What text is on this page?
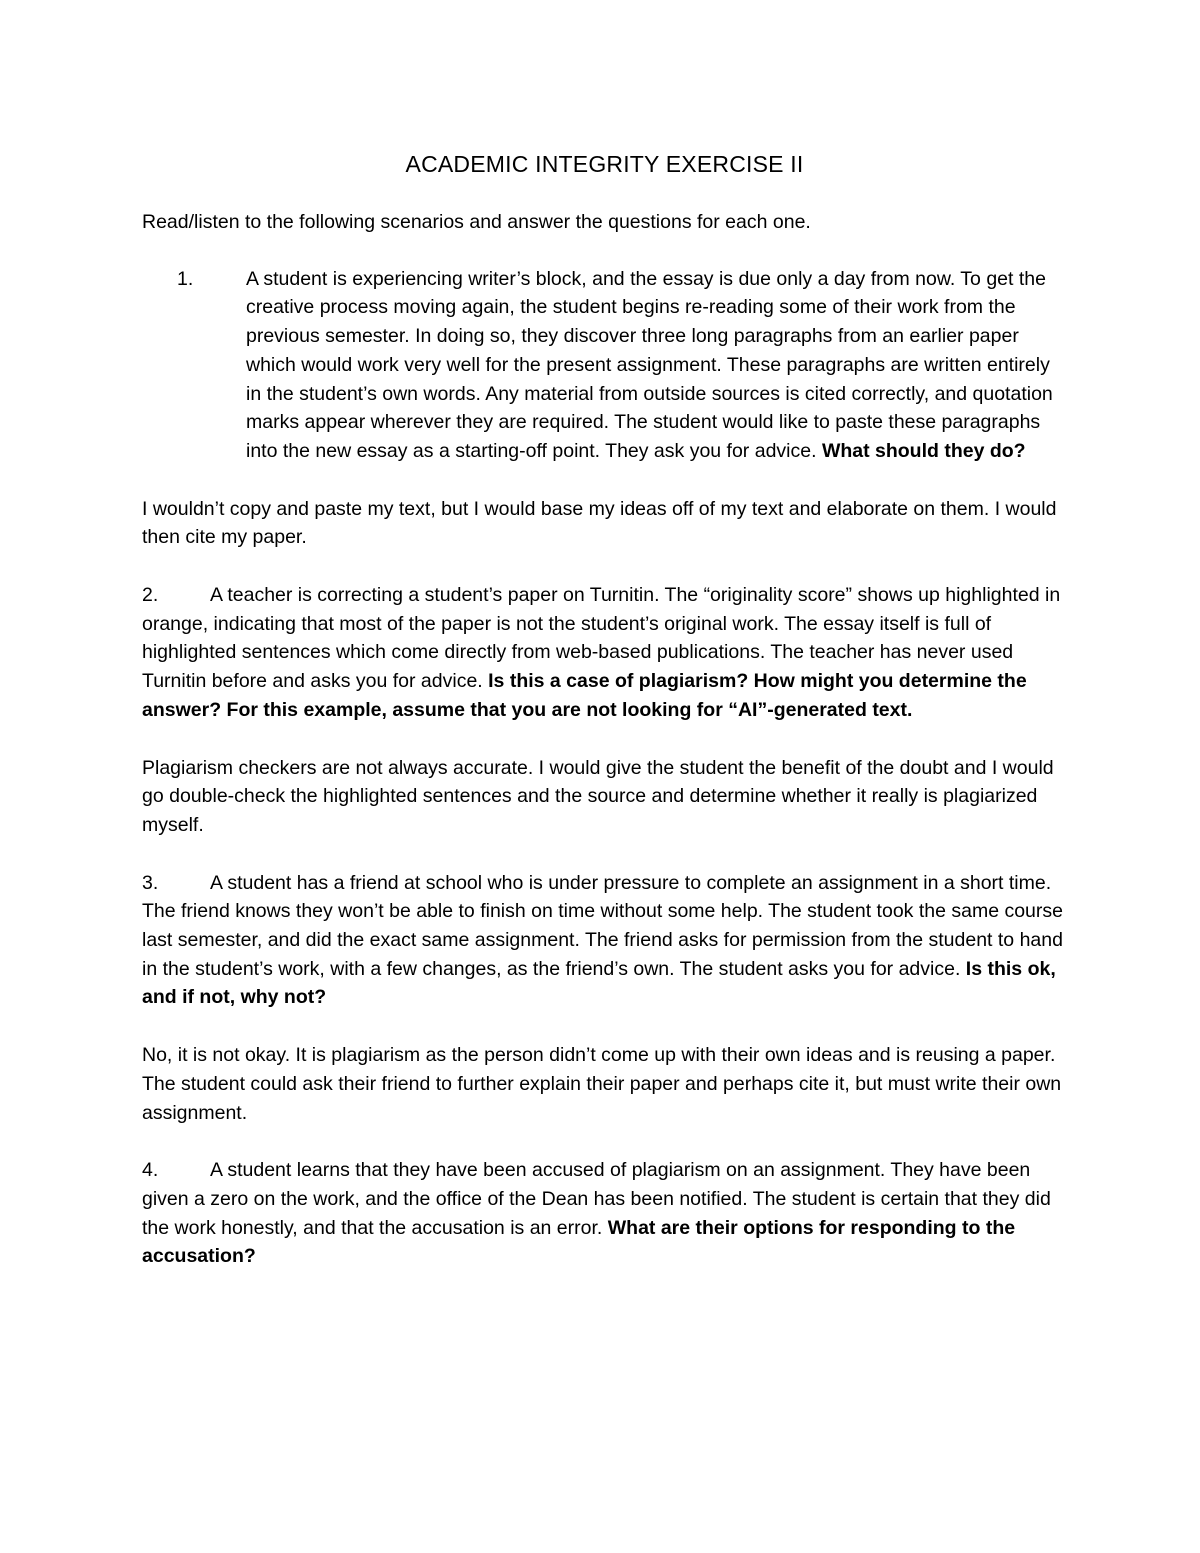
ACADEMIC INTEGRITY EXERCISE II

Read/listen to the following scenarios and answer the questions for each one.

1.	A student is experiencing writer’s block, and the essay is due only a day from now. To get the creative process moving again, the student begins re-reading some of their work from the previous semester. In doing so, they discover three long paragraphs from an earlier paper which would work very well for the present assignment. These paragraphs are written entirely in the student’s own words. Any material from outside sources is cited correctly, and quotation marks appear wherever they are required. The student would like to paste these paragraphs into the new essay as a starting-off point. They ask you for advice. What should they do?

I wouldn’t copy and paste my text, but I would base my ideas off of my text and elaborate on them. I would then cite my paper.

2.	A teacher is correcting a student’s paper on Turnitin. The “originality score” shows up highlighted in orange, indicating that most of the paper is not the student’s original work. The essay itself is full of highlighted sentences which come directly from web-based publications. The teacher has never used Turnitin before and asks you for advice. Is this a case of plagiarism? How might you determine the answer? For this example, assume that you are not looking for “AI”-generated text.

Plagiarism checkers are not always accurate. I would give the student the benefit of the doubt and I would go double-check the highlighted sentences and the source and determine whether it really is plagiarized myself.

3.	A student has a friend at school who is under pressure to complete an assignment in a short time. The friend knows they won’t be able to finish on time without some help. The student took the same course last semester, and did the exact same assignment. The friend asks for permission from the student to hand in the student’s work, with a few changes, as the friend’s own. The student asks you for advice. Is this ok, and if not, why not?

No, it is not okay. It is plagiarism as the person didn’t come up with their own ideas and is reusing a paper. The student could ask their friend to further explain their paper and perhaps cite it, but must write their own assignment.

4.	A student learns that they have been accused of plagiarism on an assignment. They have been given a zero on the work, and the office of the Dean has been notified. The student is certain that they did the work honestly, and that the accusation is an error. What are their options for responding to the accusation?
